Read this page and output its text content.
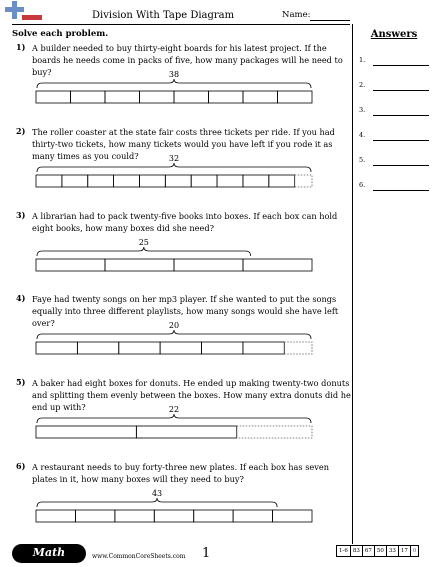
Division With Tape Diagram	Name:
Solve each problem.
1) A builder needed to buy thirty-eight boards for his latest project. If the boards he needs come in packs of five, how many packages will he need to buy?	38
2) The roller coaster at the state fair costs three tickets per ride. If you had thirty-two tickets, how many tickets would you have left if you rode it as many times as you could?	32
3) A librarian had to pack twenty-five books into boxes. If each box can hold eight books, how many boxes did she need?
25
4) Faye had twenty songs on her mp3 player. If she wanted to put the songs equally into three different playlists, how many songs would she have left over?	20
5) A baker had eight boxes for donuts. He ended up making twenty-two donuts and splitting them evenly between the boxes. How many extra donuts did he end up with?	22
6) A restaurant needs to buy forty-three new plates. If each box has seven plates in it, how many boxes will they need to buy?
43
Answers
1.
2.
3.
4.
5.
6.
Math	www.CommonCoreSheets.com 1	1-6	83	67	50	33	17	0
